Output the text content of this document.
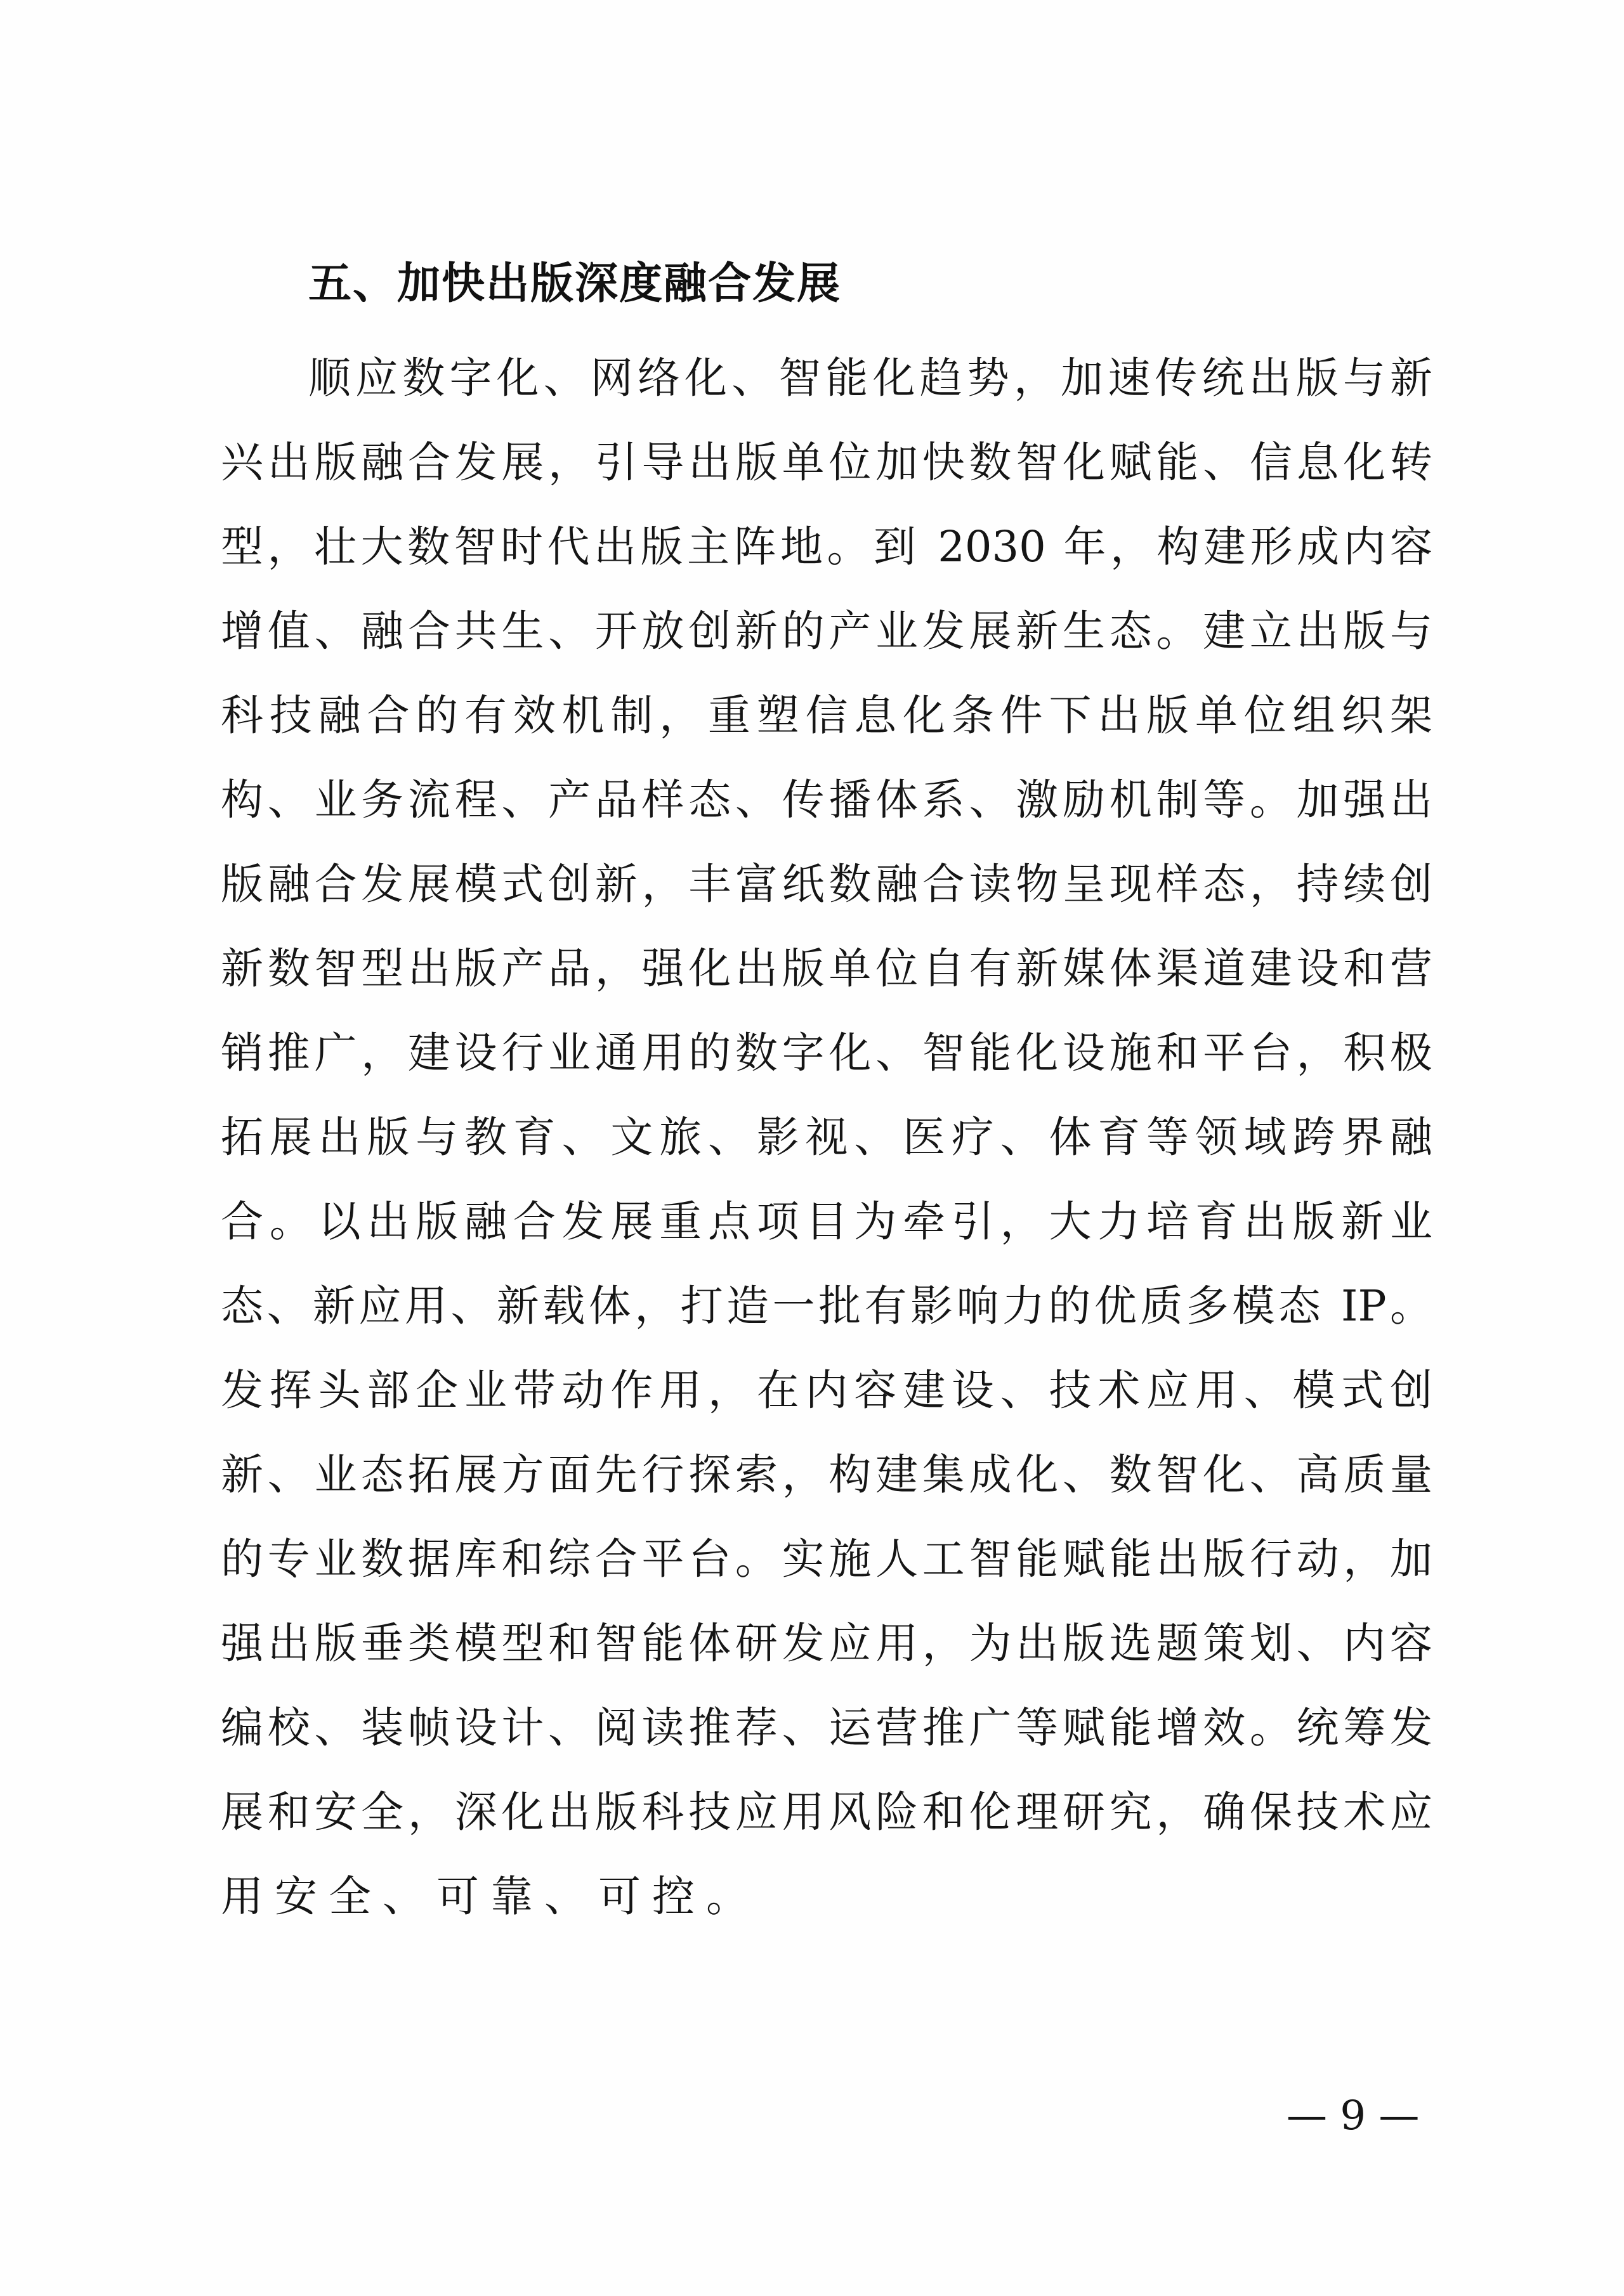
五、加快出版深度融合发展
顺应数字化、网络化、智能化趋势，加速传统出版与新
兴出版融合发展，引导出版单位加快数智化赋能、信息化转
型，壮大数智时代出版主阵地。到 2030 年，构建形成内容
增值、融合共生、开放创新的产业发展新生态。建立出版与
科技融合的有效机制，重塑信息化条件下出版单位组织架
构、业务流程、产品样态、传播体系、激励机制等。加强出
版融合发展模式创新，丰富纸数融合读物呈现样态，持续创
新数智型出版产品，强化出版单位自有新媒体渠道建设和营
销推广，建设行业通用的数字化、智能化设施和平台，积极
拓展出版与教育、文旅、影视、医疗、体育等领域跨界融
合。以出版融合发展重点项目为牵引，大力培育出版新业
态、新应用、新载体，打造一批有影响力的优质多模态 IP。
发挥头部企业带动作用，在内容建设、技术应用、模式创
新、业态拓展方面先行探索，构建集成化、数智化、高质量
的专业数据库和综合平台。实施人工智能赋能出版行动，加
强出版垂类模型和智能体研发应用，为出版选题策划、内容
编校、装帧设计、阅读推荐、运营推广等赋能增效。统筹发
展和安全，深化出版科技应用风险和伦理研究，确保技术应
用安全、可靠、可控。
— 9 —
